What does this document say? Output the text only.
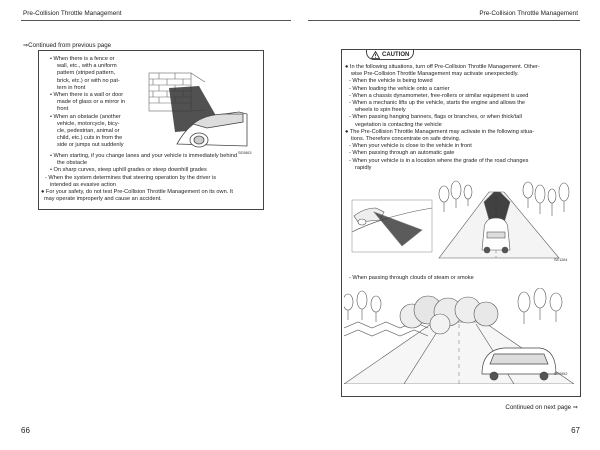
Pre-Collision Throttle Management	Pre-Collision Throttle Management
⇒Continued from previous page
• When there is a fence or
wall, etc., with a uniform
pattern (striped pattern,
brick, etc.) or with no pat-
tern in front
• When there is a wall or door
made of glass or a mirror in
front
• When an obstacle (another
vehicle, motorcycle, bicy-
cle, pedestrian, animal or
child, etc.) cuts in from the
side or jumps out suddenly
SE0863
• When starting, if you change lanes and your vehicle is immediately behind
the obstacle
• On sharp curves, steep uphill grades or steep downhill grades
- When the system determines that steering operation by the driver is
intended as evasive action
● For your safety, do not test Pre-Collision Throttle Management on its own. It
may operate improperly and cause an accident.
CAUTION
● In the following situations, turn off Pre-Collision Throttle Management. Other-
wise Pre-Collision Throttle Management may activate unexpectedly.
- When the vehicle is being towed
- When loading the vehicle onto a carrier
- When a chassis dynamometer, free-rollers or similar equipment is used
- When a mechanic lifts up the vehicle, starts the engine and allows the
wheels to spin freely
- When passing hanging banners, flags or branches, or when thick/tall
vegetation is contacting the vehicle
● The Pre-Collision Throttle Management may activate in the following situa-
tions. Therefore concentrate on safe driving.
- When your vehicle is close to the vehicle in front
- When passing through an automatic gate
- When your vehicle is in a location where the grade of the road changes
rapidly
SE1264
- When passing through clouds of steam or smoke
SE0952
Continued on next page ⇒
66	67
